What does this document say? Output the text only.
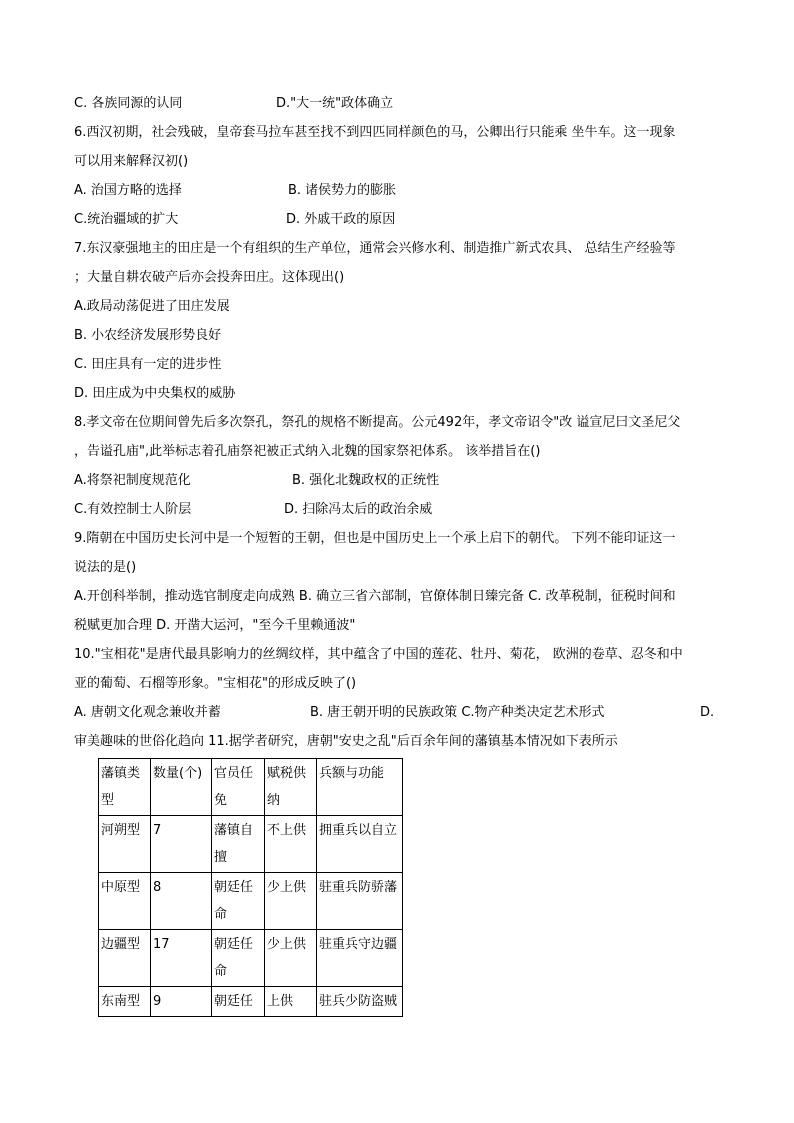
C. 各族同源的认同	D."大一统"政体确立
6.西汉初期，社会残破，皇帝套马拉车甚至找不到四匹同样颜色的马，公卿出行只能乘 坐牛车。这一现象
可以用来解释汉初()
A. 治国方略的选择	B. 诸侯势力的膨胀
C.统治疆域的扩大	D. 外戚干政的原因
7.东汉豪强地主的田庄是一个有组织的生产单位，通常会兴修水利、制造推广新式农具、 总结生产经验等
；大量自耕农破产后亦会投奔田庄。这体现出()
A.政局动荡促进了田庄发展
B. 小农经济发展形势良好
C. 田庄具有一定的进步性
D. 田庄成为中央集权的威胁
8.孝文帝在位期间曾先后多次祭孔，祭孔的规格不断提高。公元492年，孝文帝诏令"改 谥宣尼曰文圣尼父
，告谥孔庙",此举标志着孔庙祭祀被正式纳入北魏的国家祭祀体系。 该举措旨在()
A.将祭祀制度规范化	B. 强化北魏政权的正统性
C.有效控制士人阶层	D. 扫除冯太后的政治余威
9.隋朝在中国历史长河中是一个短暂的王朝，但也是中国历史上一个承上启下的朝代。 下列不能印证这一
说法的是()
A.开创科举制，推动选官制度走向成熟 B. 确立三省六部制，官僚体制日臻完备 C. 改革税制，征税时间和
税赋更加合理 D. 开凿大运河，"至今千里赖通波"
10."宝相花"是唐代最具影响力的丝绸纹样，其中蕴含了中国的莲花、牡丹、菊花， 欧洲的卷草、忍冬和中
亚的葡萄、石榴等形象。"宝相花"的形成反映了()
A. 唐朝文化观念兼收并蓄	B. 唐王朝开明的民族政策 C.物产种类决定艺术形式	D.
审美趣味的世俗化趋向 11.据学者研究，唐朝"安史之乱"后百余年间的藩镇基本情况如下表所示
藩镇类型	数量(个)	官员任免	赋税供纳	兵额与功能

河朔型	7	藩镇自擅	不上供	拥重兵以自立

中原型	8	朝廷任命	少上供	驻重兵防骄藩

边疆型	17	朝廷任命	少上供	驻重兵守边疆

东南型	9	朝廷任	上供	驻兵少防盗贼
